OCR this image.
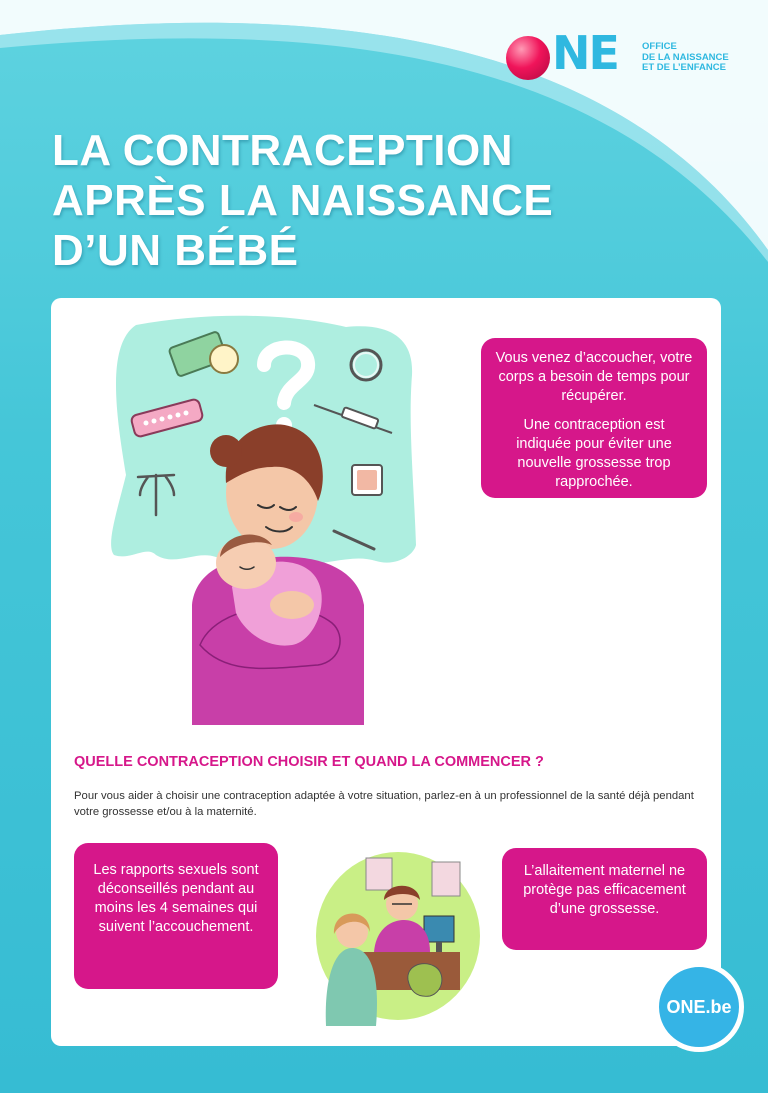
NE	OFFICE
DE LA NAISSANCE
ET DE L’ENFANCE
LA CONTRACEPTION
APRÈS LA NAISSANCE
D’UN BÉBÉ

Vous venez d’accoucher, votre corps a besoin de temps pour récupérer.

Une contraception est indiquée pour éviter une nouvelle grossesse trop rapprochée.

QUELLE CONTRACEPTION CHOISIR ET QUAND LA COMMENCER ?

Pour vous aider à choisir une contraception adaptée à votre situation, parlez-en à un professionnel de la santé déjà pendant votre grossesse et/ou à la maternité.

Les rapports sexuels sont déconseillés pendant au moins les 4 semaines qui suivent l’accouchement.

L’allaitement maternel ne protège pas efficacement d’une grossesse.

ONE.be
